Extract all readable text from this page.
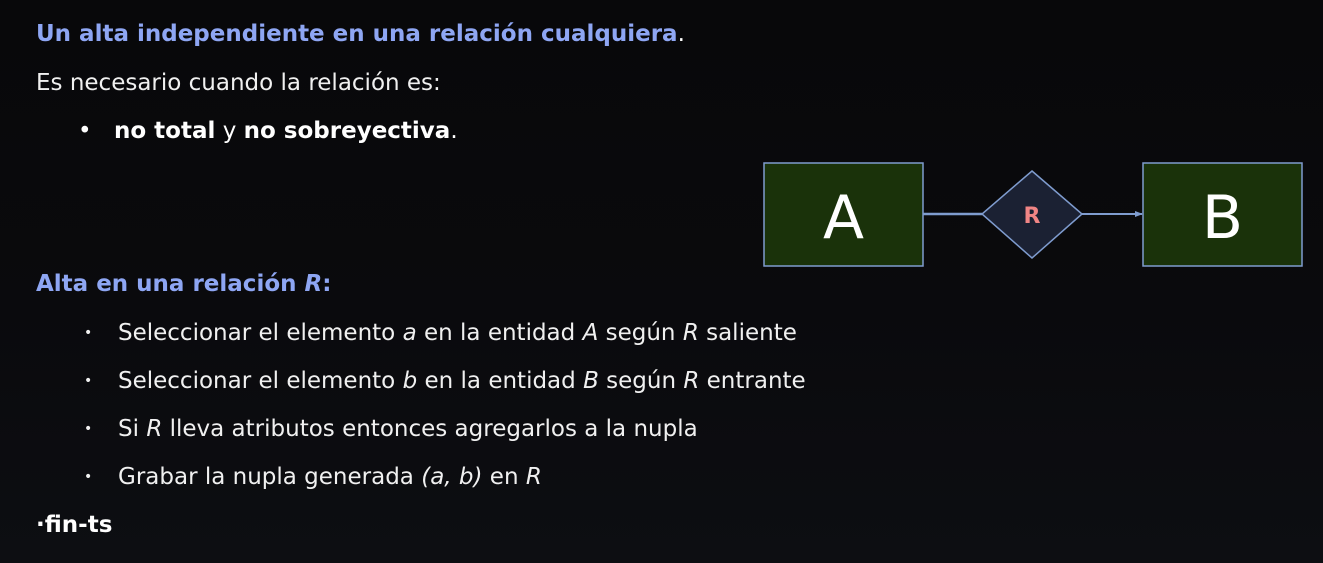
Un alta independiente en una relación cualquiera.
Es necesario cuando la relación es:
• no total y no sobreyectiva.
A	R	B
Alta en una relación R:
• Seleccionar el elemento a en la entidad A según R saliente
• Seleccionar el elemento b en la entidad B según R entrante
• Si R lleva atributos entonces agregarlos a la nupla
• Grabar la nupla generada (a, b) en R
·fin-ts
